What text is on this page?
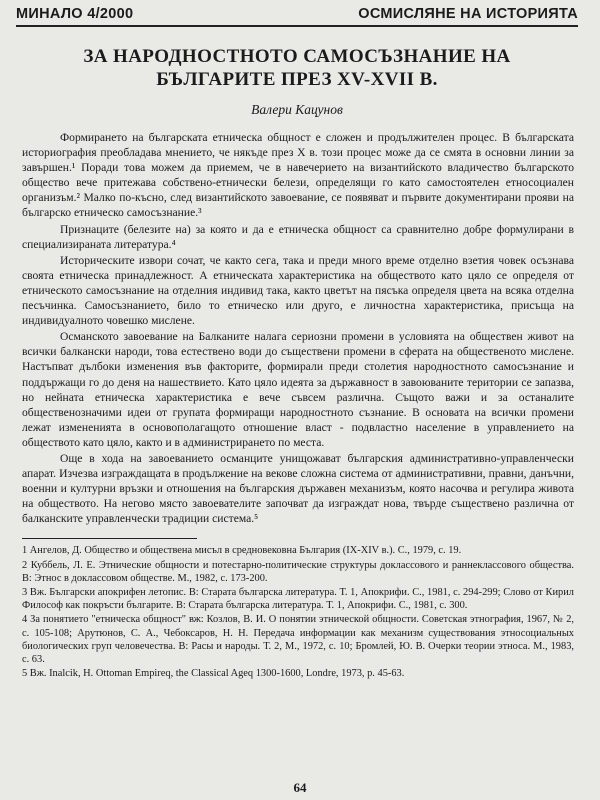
МИНАЛО 4/2000	ОСМИСЛЯНЕ НА ИСТОРИЯТА
ЗА НАРОДНОСТНОТО САМОСЪЗНАНИЕ НА БЪЛГАРИТЕ ПРЕЗ XV-XVII В.
Валери Кацунов

Формирането на българската етническа общност е сложен и продължителен процес. В българската историография преобладава мнението, че някъде през X в. този процес може да се смята в основни линии за завършен.¹ Поради това можем да приемем, че в навечерието на византийското владичество българското общество вече притежава собствено-етнически белези, определящи го като самостоятелен етносоциален организъм.² Малко по-късно, след византийското завоевание, се появяват и първите документирани прояви на българско етническо самосъзнание.³

Признаците (белезите на) за която и да е етническа общност са сравнително добре формулирани в специализираната литература.⁴

Историческите извори сочат, че както сега, така и преди много време отделно взетия човек осъзнава своята етническа принадлежност. А етническата характеристика на обществото като цяло се определя от етническото самосъзнание на отделния индивид така, както цветът на пясъка определя цвета на всяка отделна песъчинка. Самосъзнанието, било то етническо или друго, е личностна характеристика, присъща на индивидуалното човешко мислене.

Османското завоевание на Балканите налага сериозни промени в условията на обществен живот на всички балкански народи, това естествено води до съществени промени в сферата на общественото мислене. Настъпват дълбоки изменения във факторите, формирали преди столетия народностното самосъзнание и поддържащи го до деня на нашествието. Като цяло идеята за държавност в завоюваните територии се запазва, но нейната етническа характеристика е вече съвсем различна. Същото важи и за останалите общественозначими идеи от групата формиращи народностното съзнание. В основата на всички промени лежат измененията в основополагащото отношение власт - подвластно население в управлението на обществото като цяло, както и в администрирането по места.

Още в хода на завоеванието османците унищожават българския административно-управленчески апарат. Изчезва изграждащата в продължение на векове сложна система от административни, правни, данъчни, военни и културни връзки и отношения на българския държавен механизъм, която насочва и регулира живота на обществото. На негово място завоевателите започват да изграждат нова, твърде съществено различна от балканските управленчески традиции система.⁵

1 Ангелов, Д. Общество и обществена мисъл в средновековна България (IX-XIV в.). С., 1979, с. 19.

2 Куббель, Л. Е. Этнические общности и потестарно-политические структуры доклассового и раннеклассового общества. В: Этнос в доклассовом обществе. М., 1982, с. 173-200.

3 Вж. Български апокрифен летопис. В: Старата българска литература. Т. 1, Апокрифи. С., 1981, с. 294-299; Слово от Кирил Философ как покръсти българите. В: Старата българска литература. Т. 1, Апокрифи. С., 1981, с. 300.

4 За понятието "етническа общност" вж: Козлов, В. И. О понятии этнической общности. Советская этнография, 1967, № 2, с. 105-108; Арутюнов, С. А., Чебоксаров, Н. Н. Передача информации как механизм существования этносоциальных биологических груп человечества. В: Расы и народы. Т. 2, М., 1972, с. 10; Бромлей, Ю. В. Очерки теории этноса. М., 1983, с. 63.

5 Вж. Inalcik, H. Ottoman Empireq, the Classical Ageq 1300-1600, Londre, 1973, р. 45-63.

64
